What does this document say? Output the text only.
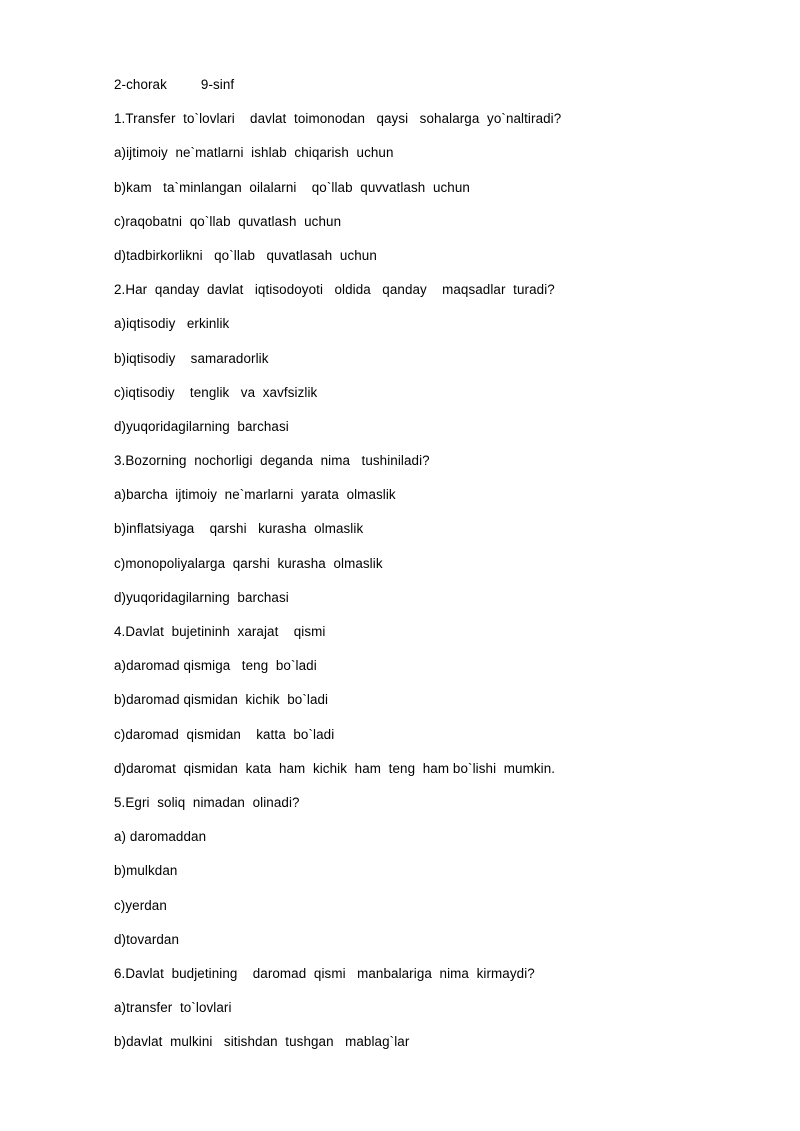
2-chorak	9-sinf
1.Transfer  to`lovlari    davlat  toimonodan   qaysi   sohalarga  yo`naltiradi?
a)ijtimoiy  ne`matlarni  ishlab  chiqarish  uchun
b)kam   ta`minlangan  oilalarni    qo`llab  quvvatlash  uchun
c)raqobatni  qo`llab  quvatlash  uchun
d)tadbirkorlikni   qo`llab   quvatlasah  uchun
2.Har  qanday  davlat   iqtisodoyoti   oldida   qanday    maqsadlar  turadi?
a)iqtisodiy   erkinlik
b)iqtisodiy    samaradorlik
c)iqtisodiy    tenglik   va  xavfsizlik
d)yuqoridagilarning  barchasi
3.Bozorning  nochorligi  deganda  nima   tushiniladi?
a)barcha  ijtimoiy  ne`marlarni  yarata  olmaslik
b)inflatsiyaga    qarshi   kurasha  olmaslik
c)monopoliyalarga  qarshi  kurasha  olmaslik
d)yuqoridagilarning  barchasi
4.Davlat  bujetininh  xarajat    qismi
a)daromad qismiga   teng  bo`ladi
b)daromad qismidan  kichik  bo`ladi
c)daromad  qismidan    katta  bo`ladi
d)daromat  qismidan  kata  ham  kichik  ham  teng  ham bo`lishi  mumkin.
5.Egri  soliq  nimadan  olinadi?
a) daromaddan
b)mulkdan
c)yerdan
d)tovardan
6.Davlat  budjetining    daromad  qismi   manbalariga  nima  kirmaydi?
a)transfer  to`lovlari
b)davlat  mulkini   sitishdan  tushgan   mablag`lar
